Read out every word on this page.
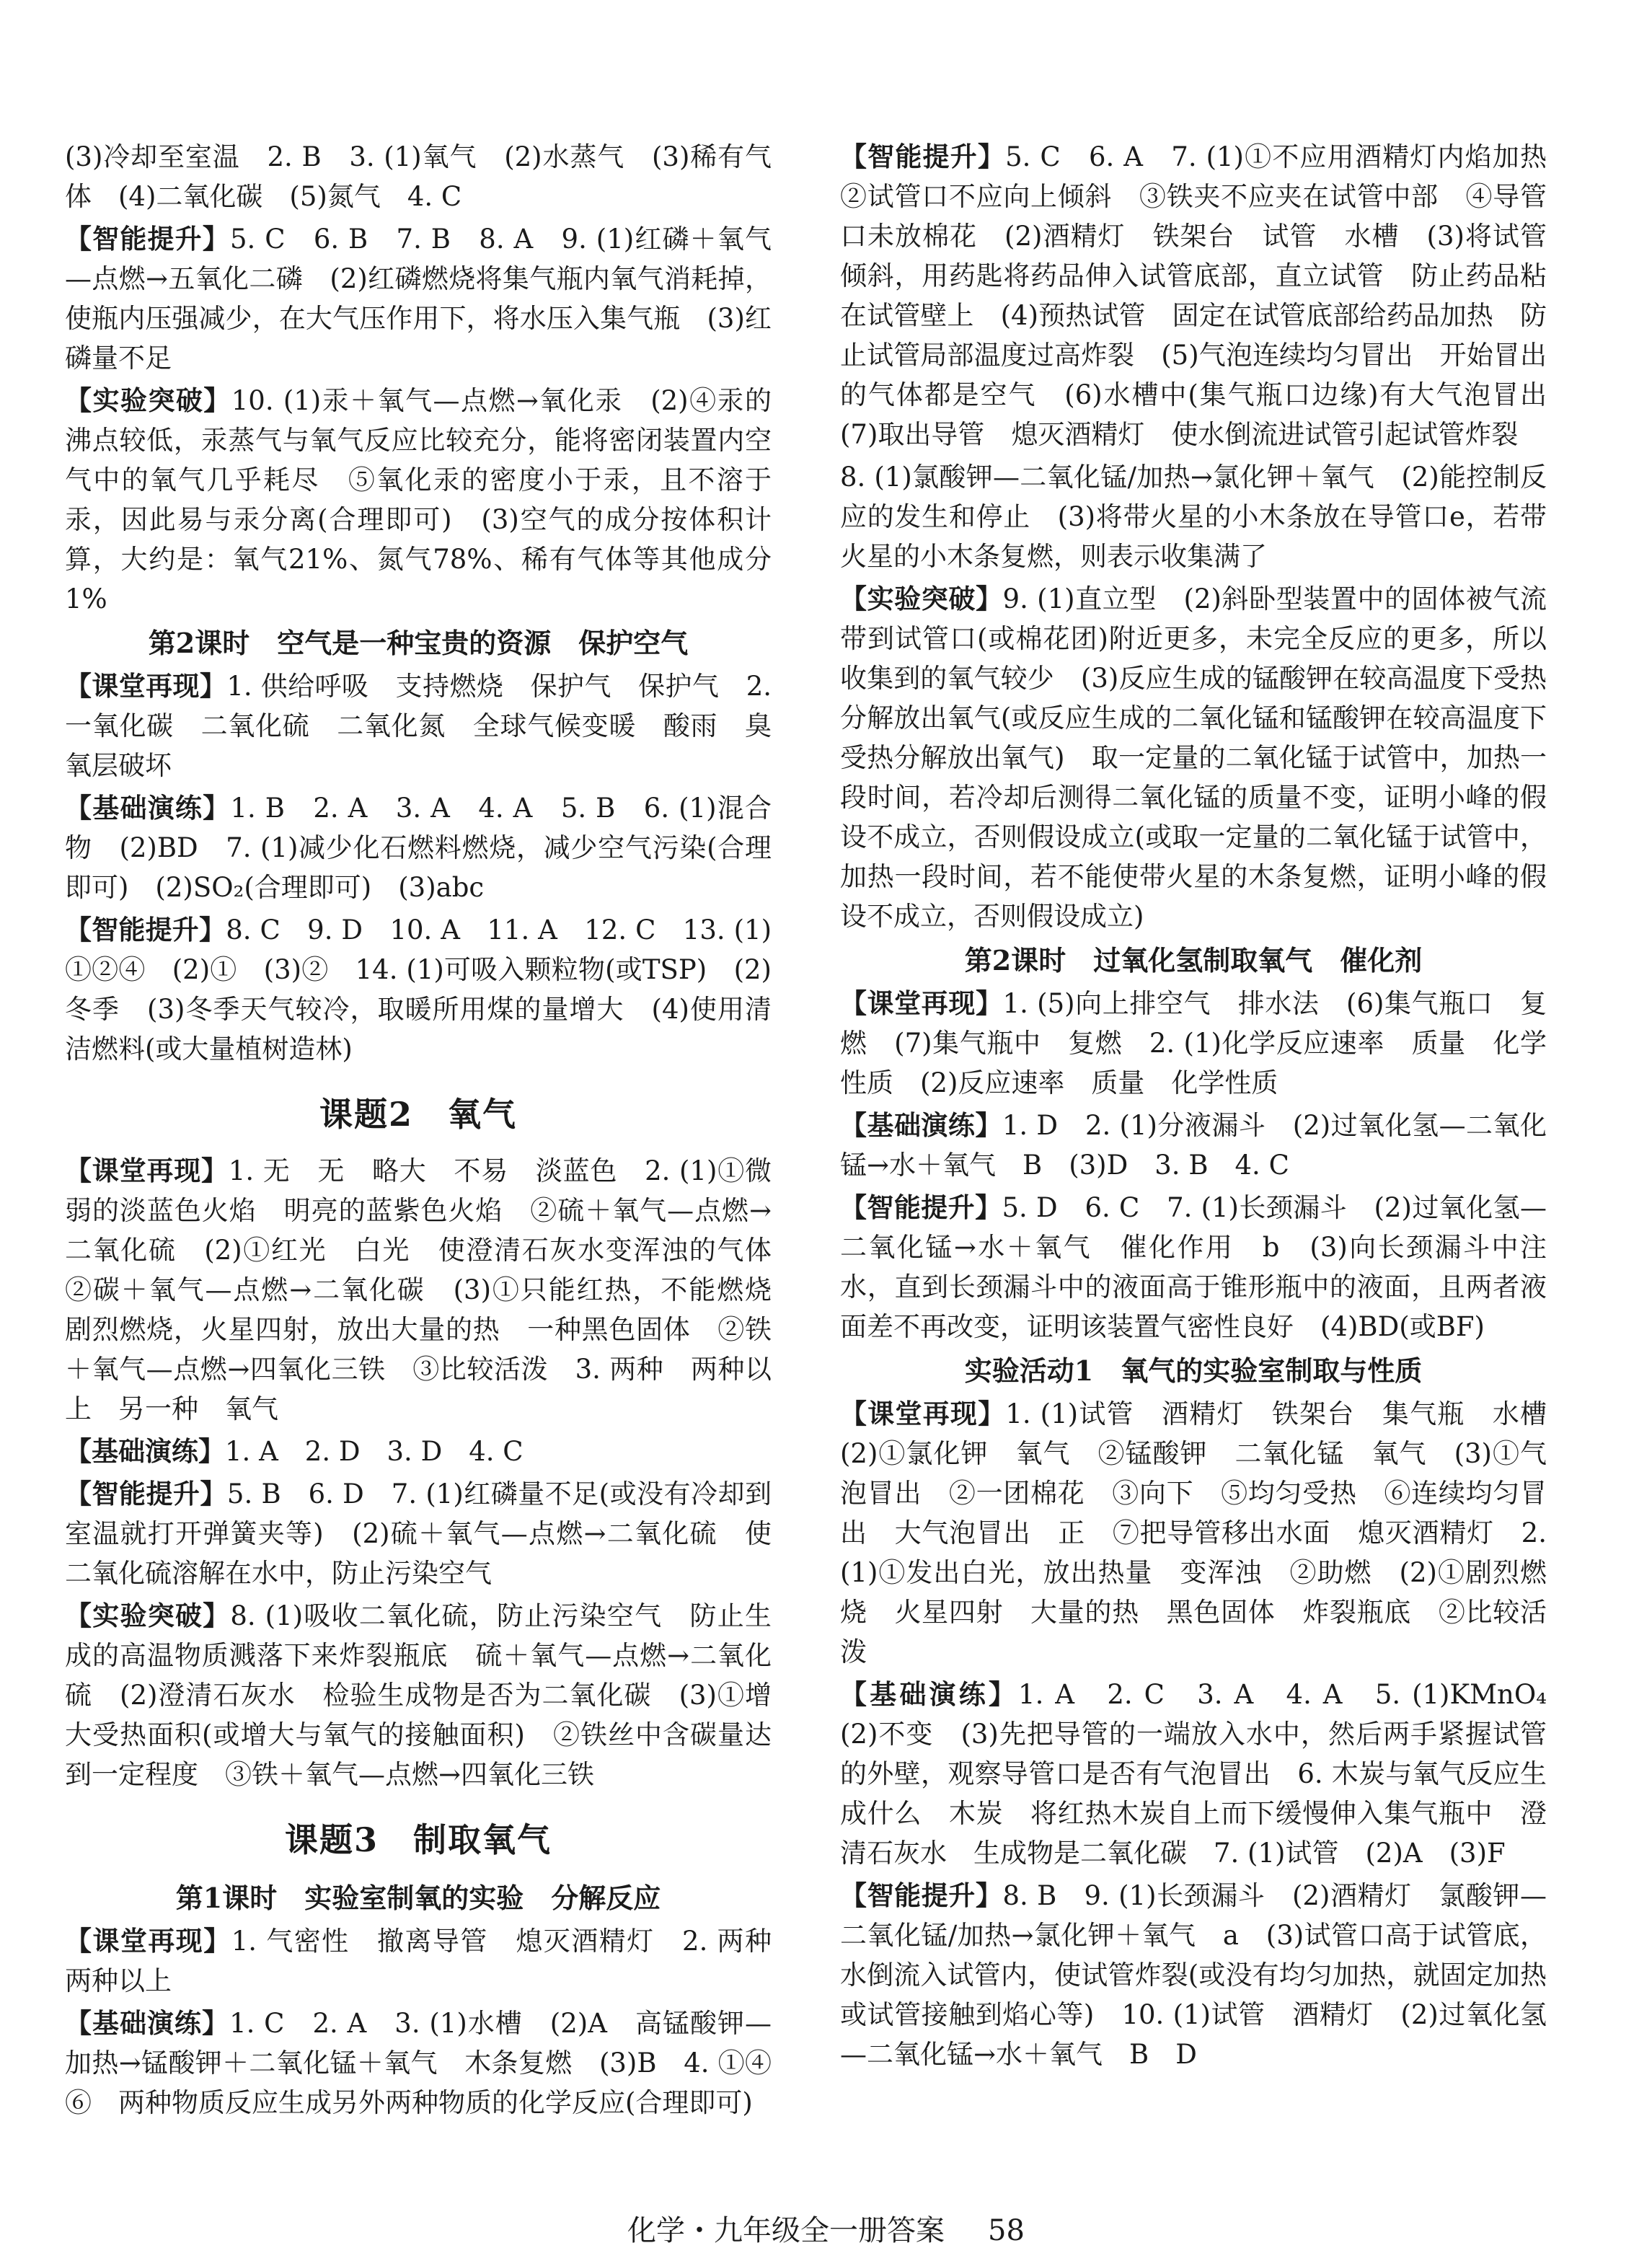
(3)冷却至室温　2. B　3. (1)氧气　(2)水蒸气　(3)稀有气体　(4)二氧化碳　(5)氮气　4. C

【智能提升】5. C　6. B　7. B　8. A　9. (1)红磷＋氧气—点燃→五氧化二磷　(2)红磷燃烧将集气瓶内氧气消耗掉，使瓶内压强减少，在大气压作用下，将水压入集气瓶　(3)红磷量不足

【实验突破】10. (1)汞＋氧气—点燃→氧化汞　(2)④汞的沸点较低，汞蒸气与氧气反应比较充分，能将密闭装置内空气中的氧气几乎耗尽　⑤氧化汞的密度小于汞，且不溶于汞，因此易与汞分离(合理即可)　(3)空气的成分按体积计算，大约是：氧气21%、氮气78%、稀有气体等其他成分1%

第2课时　空气是一种宝贵的资源　保护空气

【课堂再现】1. 供给呼吸　支持燃烧　保护气　保护气　2. 一氧化碳　二氧化硫　二氧化氮　全球气候变暖　酸雨　臭氧层破坏

【基础演练】1. B　2. A　3. A　4. A　5. B　6. (1)混合物　(2)BD　7. (1)减少化石燃料燃烧，减少空气污染(合理即可)　(2)SO₂(合理即可)　(3)abc

【智能提升】8. C　9. D　10. A　11. A　12. C　13. (1)①②④　(2)①　(3)②　14. (1)可吸入颗粒物(或TSP)　(2)冬季　(3)冬季天气较冷，取暖所用煤的量增大　(4)使用清洁燃料(或大量植树造林)

课题2　氧气

【课堂再现】1. 无　无　略大　不易　淡蓝色　2. (1)①微弱的淡蓝色火焰　明亮的蓝紫色火焰　②硫＋氧气—点燃→二氧化硫　(2)①红光　白光　使澄清石灰水变浑浊的气体　②碳＋氧气—点燃→二氧化碳　(3)①只能红热，不能燃烧　剧烈燃烧，火星四射，放出大量的热　一种黑色固体　②铁＋氧气—点燃→四氧化三铁　③比较活泼　3. 两种　两种以上　另一种　氧气

【基础演练】1. A　2. D　3. D　4. C

【智能提升】5. B　6. D　7. (1)红磷量不足(或没有冷却到室温就打开弹簧夹等)　(2)硫＋氧气—点燃→二氧化硫　使二氧化硫溶解在水中，防止污染空气

【实验突破】8. (1)吸收二氧化硫，防止污染空气　防止生成的高温物质溅落下来炸裂瓶底　硫＋氧气—点燃→二氧化硫　(2)澄清石灰水　检验生成物是否为二氧化碳　(3)①增大受热面积(或增大与氧气的接触面积)　②铁丝中含碳量达到一定程度　③铁＋氧气—点燃→四氧化三铁

课题3　制取氧气
第1课时　实验室制氧的实验　分解反应

【课堂再现】1. 气密性　撤离导管　熄灭酒精灯　2. 两种　两种以上

【基础演练】1. C　2. A　3. (1)水槽　(2)A　高锰酸钾—加热→锰酸钾＋二氧化锰＋氧气　木条复燃　(3)B　4. ①④　⑥　两种物质反应生成另外两种物质的化学反应(合理即可)

【智能提升】5. C　6. A　7. (1)①不应用酒精灯内焰加热　②试管口不应向上倾斜　③铁夹不应夹在试管中部　④导管口未放棉花　(2)酒精灯　铁架台　试管　水槽　(3)将试管倾斜，用药匙将药品伸入试管底部，直立试管　防止药品粘在试管壁上　(4)预热试管　固定在试管底部给药品加热　防止试管局部温度过高炸裂　(5)气泡连续均匀冒出　开始冒出的气体都是空气　(6)水槽中(集气瓶口边缘)有大气泡冒出　(7)取出导管　熄灭酒精灯　使水倒流进试管引起试管炸裂

8. (1)氯酸钾—二氧化锰/加热→氯化钾＋氧气　(2)能控制反应的发生和停止　(3)将带火星的小木条放在导管口e，若带火星的小木条复燃，则表示收集满了

【实验突破】9. (1)直立型　(2)斜卧型装置中的固体被气流带到试管口(或棉花团)附近更多，未完全反应的更多，所以收集到的氧气较少　(3)反应生成的锰酸钾在较高温度下受热分解放出氧气(或反应生成的二氧化锰和锰酸钾在较高温度下受热分解放出氧气)　取一定量的二氧化锰于试管中，加热一段时间，若冷却后测得二氧化锰的质量不变，证明小峰的假设不成立，否则假设成立(或取一定量的二氧化锰于试管中，加热一段时间，若不能使带火星的木条复燃，证明小峰的假设不成立，否则假设成立)

第2课时　过氧化氢制取氧气　催化剂

【课堂再现】1. (5)向上排空气　排水法　(6)集气瓶口　复燃　(7)集气瓶中　复燃　2. (1)化学反应速率　质量　化学性质　(2)反应速率　质量　化学性质

【基础演练】1. D　2. (1)分液漏斗　(2)过氧化氢—二氧化锰→水＋氧气　B　(3)D　3. B　4. C

【智能提升】5. D　6. C　7. (1)长颈漏斗　(2)过氧化氢—二氧化锰→水＋氧气　催化作用　b　(3)向长颈漏斗中注水，直到长颈漏斗中的液面高于锥形瓶中的液面，且两者液面差不再改变，证明该装置气密性良好　(4)BD(或BF)

实验活动1　氧气的实验室制取与性质

【课堂再现】1. (1)试管　酒精灯　铁架台　集气瓶　水槽　(2)①氯化钾　氧气　②锰酸钾　二氧化锰　氧气　(3)①气泡冒出　②一团棉花　③向下　⑤均匀受热　⑥连续均匀冒出　大气泡冒出　正　⑦把导管移出水面　熄灭酒精灯　2. (1)①发出白光，放出热量　变浑浊　②助燃　(2)①剧烈燃烧　火星四射　大量的热　黑色固体　炸裂瓶底　②比较活泼

【基础演练】1. A　2. C　3. A　4. A　5. (1)KMnO₄　(2)不变　(3)先把导管的一端放入水中，然后两手紧握试管的外壁，观察导管口是否有气泡冒出　6. 木炭与氧气反应生成什么　木炭　将红热木炭自上而下缓慢伸入集气瓶中　澄清石灰水　生成物是二氧化碳　7. (1)试管　(2)A　(3)F

【智能提升】8. B　9. (1)长颈漏斗　(2)酒精灯　氯酸钾—二氧化锰/加热→氯化钾＋氧气　a　(3)试管口高于试管底，水倒流入试管内，使试管炸裂(或没有均匀加热，就固定加热或试管接触到焰心等)　10. (1)试管　酒精灯　(2)过氧化氢—二氧化锰→水＋氧气　B　D

化学・九年级全一册答案 58
